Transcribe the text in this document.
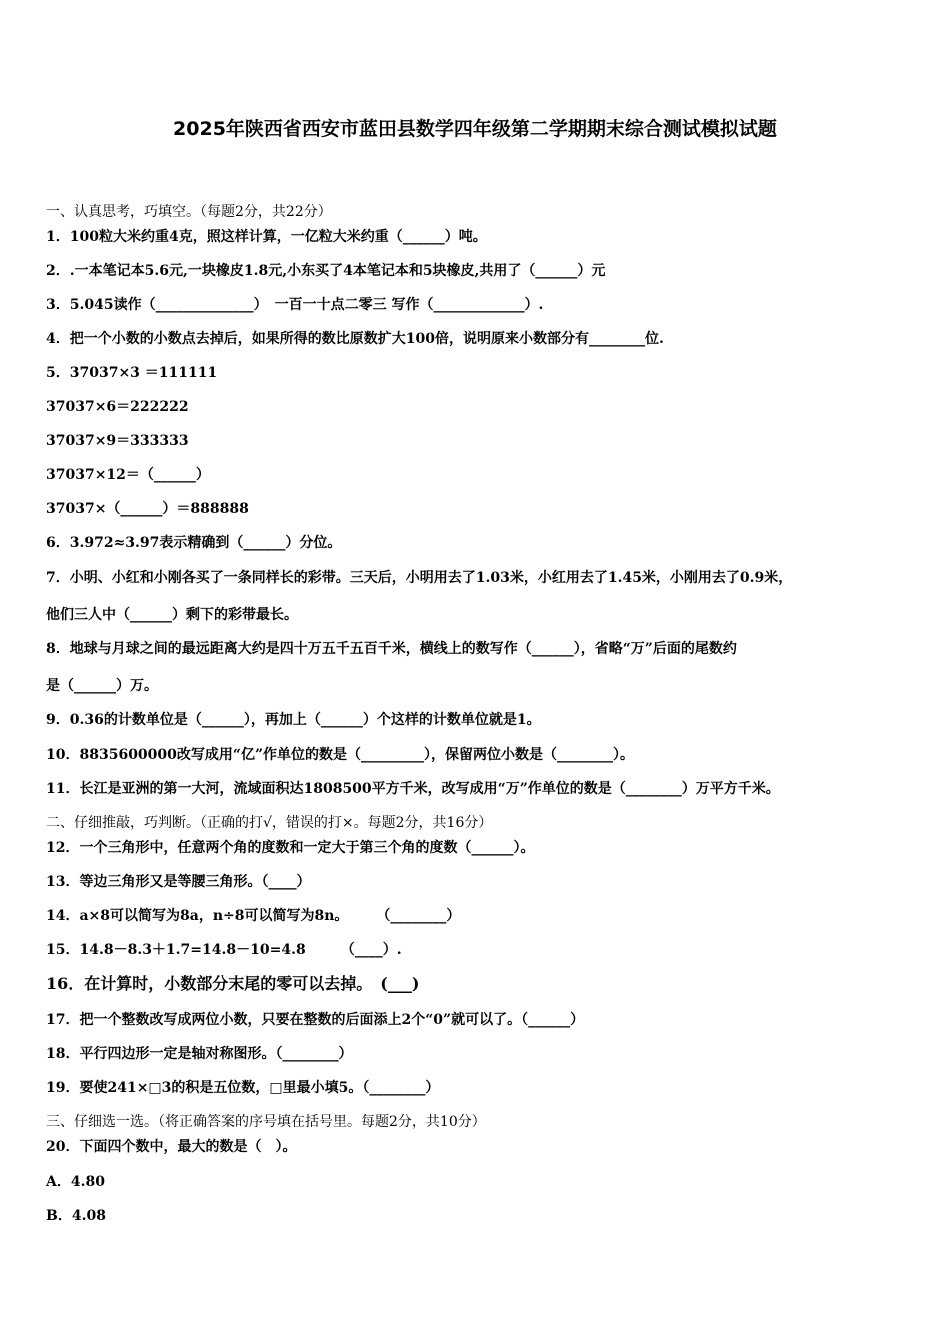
2025年陕西省西安市蓝田县数学四年级第二学期期末综合测试模拟试题
一、认真思考，巧填空。（每题2分，共22分）
1．100粒大米约重4克，照这样计算，一亿粒大米约重（______）吨。
2．.一本笔记本5.6元,一块橡皮1.8元,小东买了4本笔记本和5块橡皮,共用了（______）元
3．5.045读作（______________）　一百一十点二零三 写作（_____________）.
4．把一个小数的小数点去掉后，如果所得的数比原数扩大100倍，说明原来小数部分有________位.
5．37037×3 ＝111111
37037×6＝222222
37037×9＝333333
37037×12＝（______）
37037×（______）＝888888
6．3.972≈3.97表示精确到（______）分位。
7．小明、小红和小刚各买了一条同样长的彩带。三天后，小明用去了1.03米，小红用去了1.45米，小刚用去了0.9米，
他们三人中（______）剩下的彩带最长。
8．地球与月球之间的最远距离大约是四十万五千五百千米，横线上的数写作（______），省略“万”后面的尾数约
是（______）万。
9．0.36的计数单位是（______），再加上（______）个这样的计数单位就是1。
10．8835600000改写成用“亿”作单位的数是（_________），保留两位小数是（________）。
11．长江是亚洲的第一大河，流域面积达1808500平方千米，改写成用“万”作单位的数是（________）万平方千米。
二、仔细推敲，巧判断。（正确的打√，错误的打×。每题2分，共16分）
12．一个三角形中，任意两个角的度数和一定大于第三个角的度数（______）。
13．等边三角形又是等腰三角形。（____）
14．a×8可以简写为8a，n÷8可以简写为8n。　　　（________）
15．14.8－8.3＋1.7=14.8－10=4.8　　　（____）.
16．在计算时，小数部分末尾的零可以去掉。　(___)
17．把一个整数改写成两位小数，只要在整数的后面添上2个“0”就可以了。（______）
18．平行四边形一定是轴对称图形。（________）
19．要使241×□3的积是五位数，□里最小填5。（________）
三、仔细选一选。（将正确答案的序号填在括号里。每题2分，共10分）
20．下面四个数中，最大的数是（　）。
A．4.80
B．4.08
